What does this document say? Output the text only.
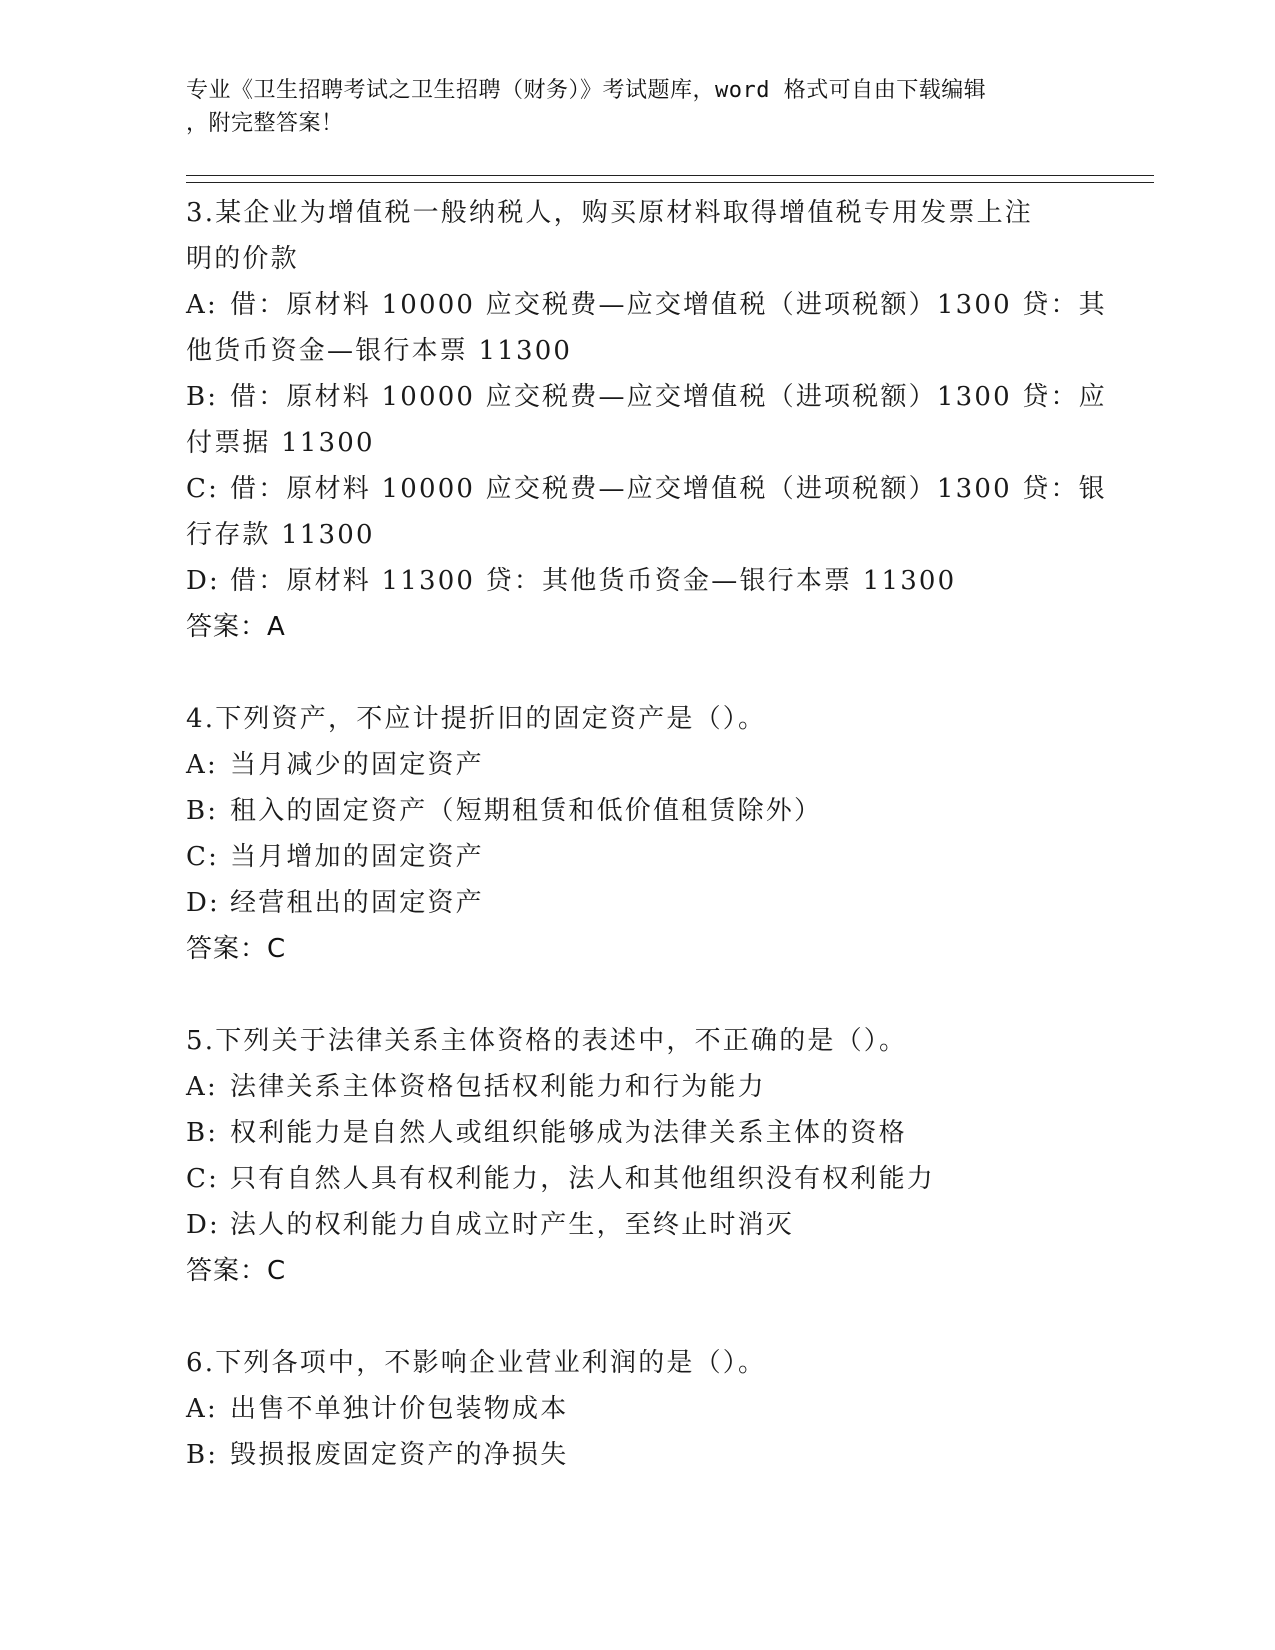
专业《卫生招聘考试之卫生招聘（财务）》考试题库，word 格式可自由下载编辑
，附完整答案！
3.某企业为增值税一般纳税人，购买原材料取得增值税专用发票上注
明的价款
A: 借：原材料 10000 应交税费—应交增值税（进项税额）1300 贷：其
他货币资金—银行本票 11300
B: 借：原材料 10000 应交税费—应交增值税（进项税额）1300 贷：应
付票据 11300
C: 借：原材料 10000 应交税费—应交增值税（进项税额）1300 贷：银
行存款 11300
D: 借：原材料 11300 贷：其他货币资金—银行本票 11300
答案：A
4.下列资产，不应计提折旧的固定资产是（）。
A: 当月减少的固定资产
B: 租入的固定资产（短期租赁和低价值租赁除外）
C: 当月增加的固定资产
D: 经营租出的固定资产
答案：C
5.下列关于法律关系主体资格的表述中，不正确的是（）。
A: 法律关系主体资格包括权利能力和行为能力
B: 权利能力是自然人或组织能够成为法律关系主体的资格
C: 只有自然人具有权利能力，法人和其他组织没有权利能力
D: 法人的权利能力自成立时产生，至终止时消灭
答案：C
6.下列各项中，不影响企业营业利润的是（）。
A: 出售不单独计价包装物成本
B: 毁损报废固定资产的净损失
